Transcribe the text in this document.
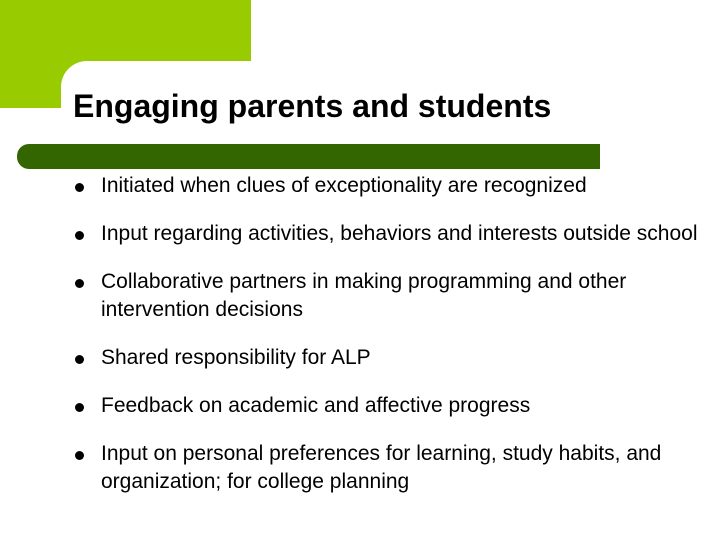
Engaging parents and students
Initiated when clues of exceptionality are recognized
Input regarding activities, behaviors and interests outside school
Collaborative partners in making programming and other intervention decisions
Shared responsibility for ALP
Feedback on academic and affective progress
Input on personal preferences for learning, study habits, and organization; for college planning
